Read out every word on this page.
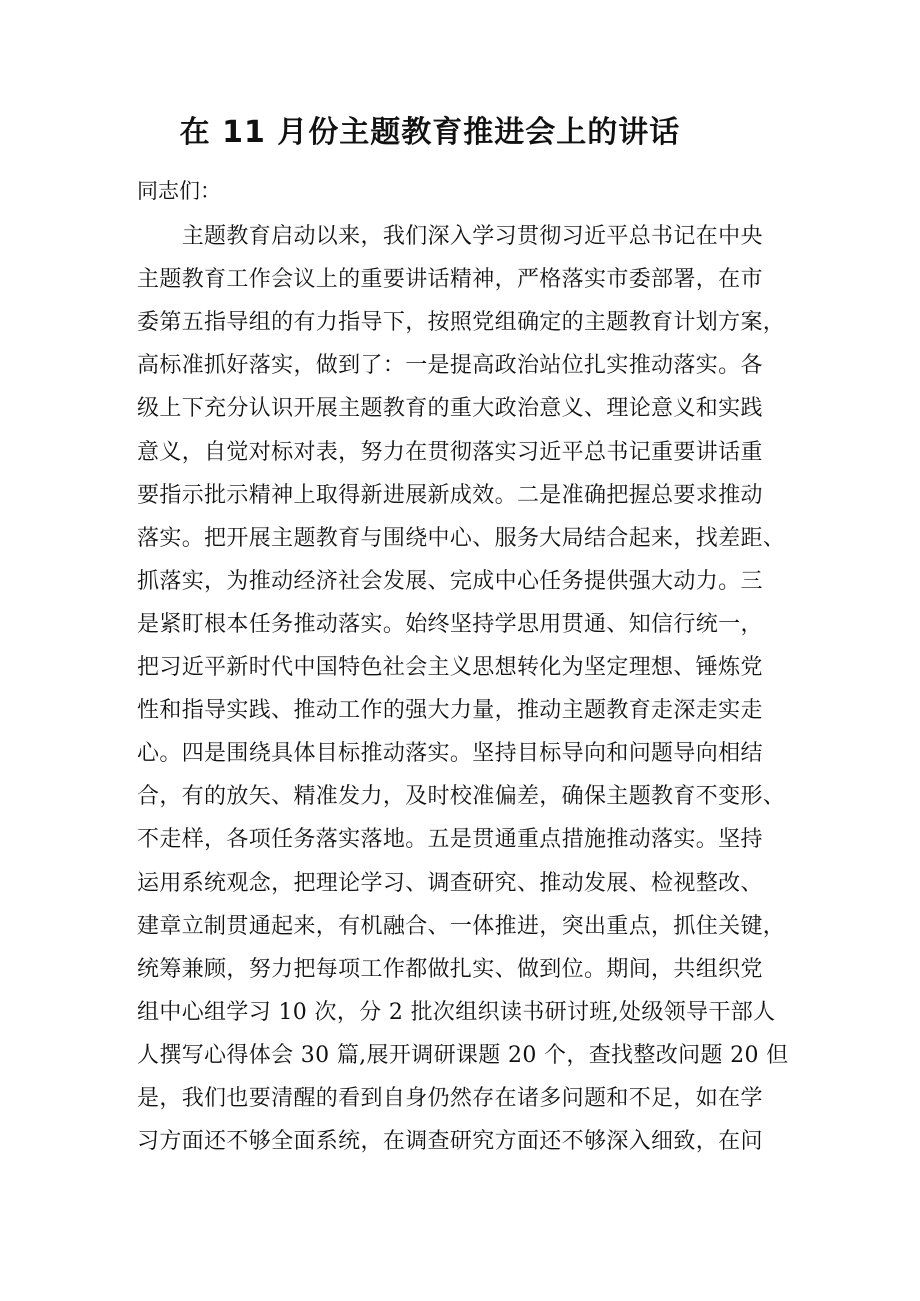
在 11 月份主题教育推进会上的讲话

同志们：

　　主题教育启动以来，我们深入学习贯彻习近平总书记在中央
主题教育工作会议上的重要讲话精神，严格落实市委部署，在市
委第五指导组的有力指导下，按照党组确定的主题教育计划方案，
高标准抓好落实，做到了：一是提高政治站位扎实推动落实。各
级上下充分认识开展主题教育的重大政治意义、理论意义和实践
意义，自觉对标对表，努力在贯彻落实习近平总书记重要讲话重
要指示批示精神上取得新进展新成效。二是准确把握总要求推动
落实。把开展主题教育与围绕中心、服务大局结合起来，找差距、
抓落实，为推动经济社会发展、完成中心任务提供强大动力。三
是紧盯根本任务推动落实。始终坚持学思用贯通、知信行统一，
把习近平新时代中国特色社会主义思想转化为坚定理想、锤炼党
性和指导实践、推动工作的强大力量，推动主题教育走深走实走
心。四是围绕具体目标推动落实。坚持目标导向和问题导向相结
合，有的放矢、精准发力，及时校准偏差，确保主题教育不变形、
不走样，各项任务落实落地。五是贯通重点措施推动落实。坚持
运用系统观念，把理论学习、调查研究、推动发展、检视整改、
建章立制贯通起来，有机融合、一体推进，突出重点，抓住关键，
统筹兼顾，努力把每项工作都做扎实、做到位。期间，共组织党
组中心组学习 10 次，分 2 批次组织读书研讨班,处级领导干部人
人撰写心得体会 30 篇,展开调研课题 20 个，查找整改问题 20 但
是，我们也要清醒的看到自身仍然存在诸多问题和不足，如在学
习方面还不够全面系统，在调查研究方面还不够深入细致，在问
